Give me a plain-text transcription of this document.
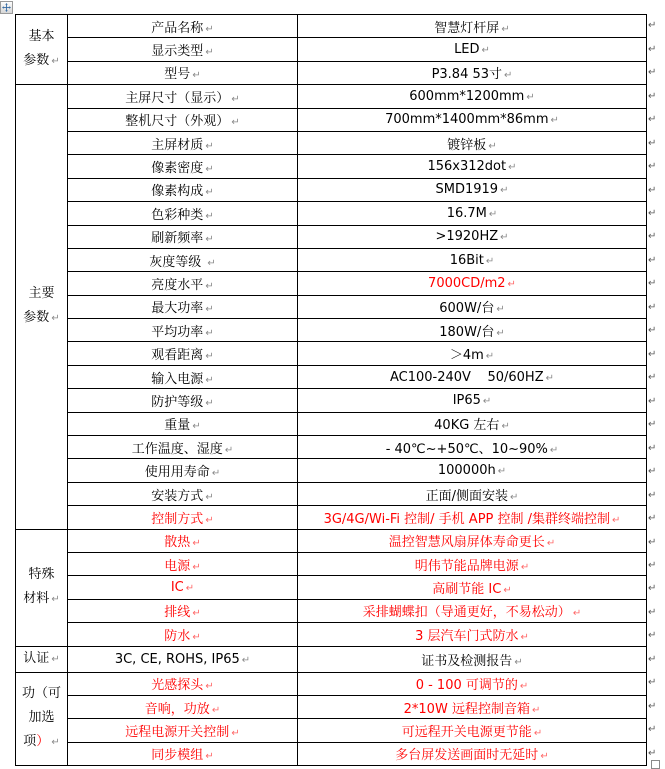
基本
参数 ↵	产品名称 ↵	智慧灯杆屏 ↵
	显示类型 ↵	LED ↵
	型号 ↵	P3.84 53寸 ↵

主要
参数 ↵	主屏尺寸（显示） ↵	600mm*1200mm ↵
	整机尺寸（外观） ↵	700mm*1400mm*86mm ↵
	主屏材质 ↵	镀锌板 ↵
	像素密度 ↵	156x312dot ↵
	像素构成 ↵	SMD1919 ↵
	色彩种类 ↵	16.7M ↵
	刷新频率 ↵	>1920HZ ↵
	灰度等级 ↵	16Bit ↵
	亮度水平 ↵	7000CD/m2 ↵
	最大功率 ↵	600W/台 ↵
	平均功率 ↵	180W/台 ↵
	观看距离 ↵	＞4m ↵
	输入电源 ↵	AC100-240V    50/60HZ ↵
	防护等级 ↵	IP65 ↵
	重量 ↵	40KG 左右 ↵
	工作温度、湿度 ↵	- 40℃~+50℃、10~90% ↵
	使用用寿命 ↵	100000h ↵
	安装方式 ↵	正面/侧面安装 ↵
	控制方式 ↵	3G/4G/Wi-Fi 控制/ 手机 APP 控制 /集群终端控制 ↵

特殊
材料 ↵	散热 ↵	温控智慧风扇屏体寿命更长 ↵
	电源 ↵	明伟节能品牌电源 ↵
	IC ↵	高刷节能 IC ↵
	排线 ↵	采排蝴蝶扣（导通更好，不易松动） ↵
	防水 ↵	3 层汽车门式防水 ↵

认证 ↵	3C, CE, ROHS, IP65 ↵	证书及检测报告 ↵

功（可
加选
项） ↵	光感探头 ↵	0 - 100 可调节的 ↵
	音响，功放 ↵	2*10W 远程控制音箱 ↵
	远程电源开关控制 ↵	可远程开关电源更节能 ↵
	同步模组 ↵	多台屏发送画面时无延时 ↵
↵
↵
↵
↵
↵
↵
↵
↵
↵
↵
↵
↵
↵
↵
↵
↵
↵
↵
↵
↵
↵
↵
↵
↵
↵
↵
↵
↵
↵
↵
↵
↵
